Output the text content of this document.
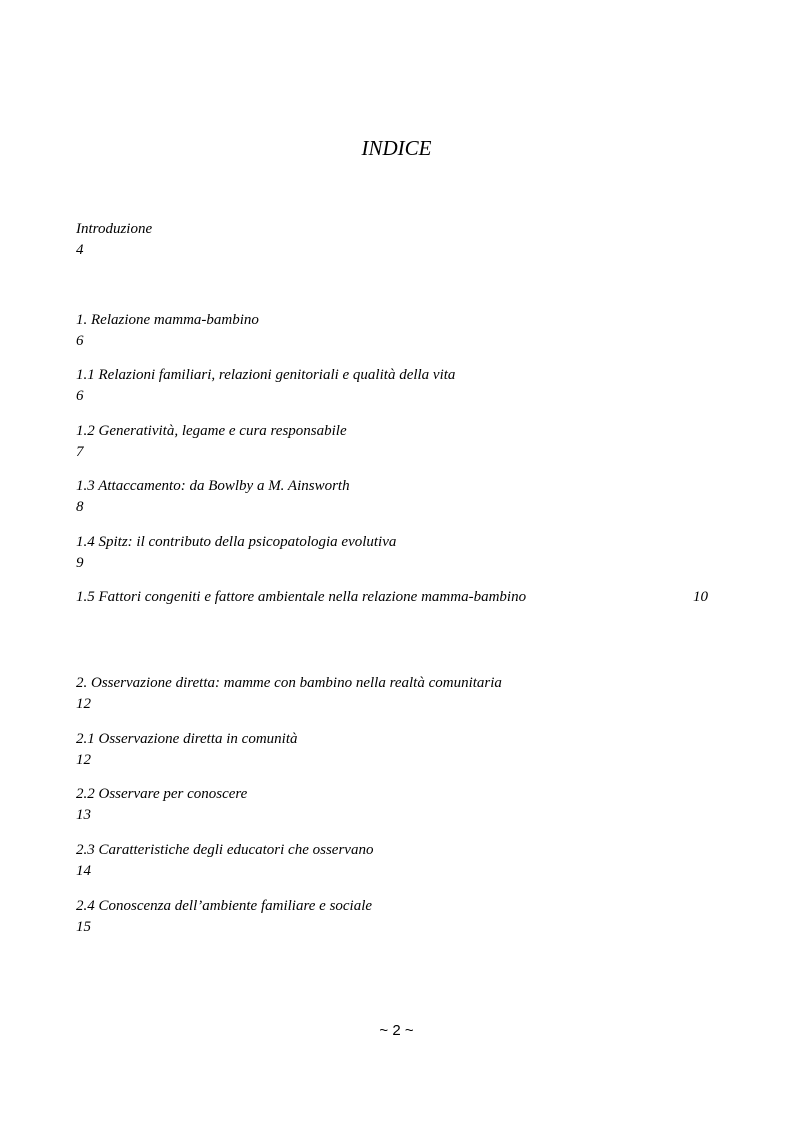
INDICE
Introduzione
4
1. Relazione mamma-bambino
6
1.1 Relazioni familiari, relazioni genitoriali e qualità della vita
6
1.2 Generatività, legame e cura responsabile
7
1.3 Attaccamento: da Bowlby a M. Ainsworth
8
1.4 Spitz: il contributo della psicopatologia evolutiva
9
1.5 Fattori congeniti e fattore ambientale nella relazione mamma-bambino	10
2. Osservazione diretta: mamme con bambino nella realtà comunitaria
12
2.1 Osservazione diretta in comunità
12
2.2 Osservare per conoscere
13
2.3 Caratteristiche degli educatori che osservano
14
2.4 Conoscenza dell’ambiente familiare e sociale
15
~ 2 ~
